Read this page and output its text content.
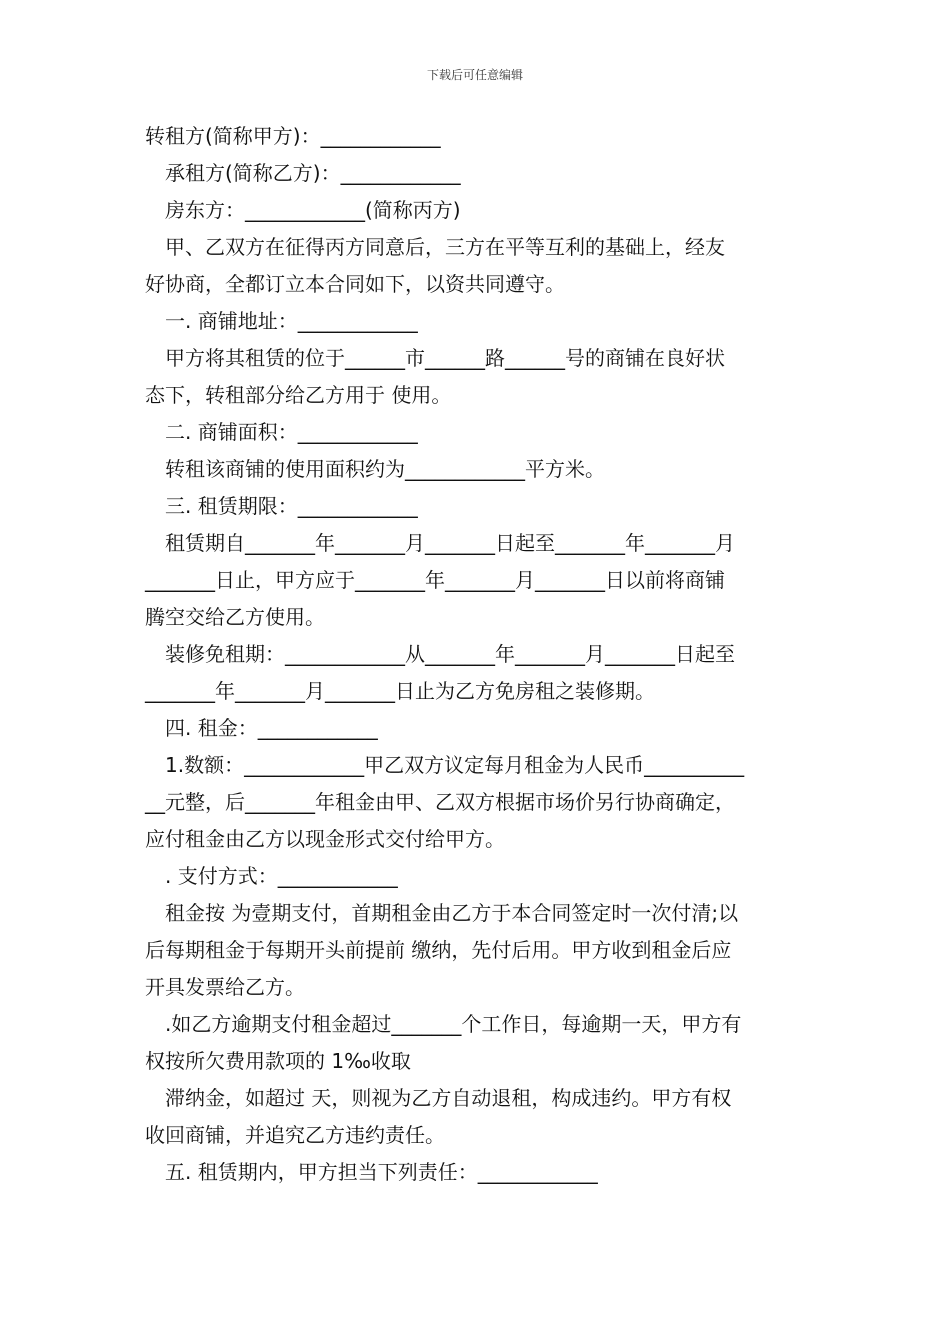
下载后可任意编辑

转租方(简称甲方)：____________

承租方(简称乙方)：____________

房东方：____________(简称丙方)

甲、乙双方在征得丙方同意后，三方在平等互利的基础上，经友

好协商，全都订立本合同如下，以资共同遵守。

一. 商铺地址：____________

甲方将其租赁的位于______市______路______号的商铺在良好状

态下，转租部分给乙方用于 使用。

二. 商铺面积：____________

转租该商铺的使用面积约为____________平方米。

三. 租赁期限：____________

租赁期自_______年_______月_______日起至_______年_______月

_______日止，甲方应于_______年_______月_______日以前将商铺

腾空交给乙方使用。

装修免租期：____________从_______年_______月_______日起至

_______年_______月_______日止为乙方免房租之装修期。

四. 租金：____________

1.数额：____________甲乙双方议定每月租金为人民币__________

__元整，后_______年租金由甲、乙双方根据市场价另行协商确定，

应付租金由乙方以现金形式交付给甲方。

. 支付方式：____________

租金按 为壹期支付，首期租金由乙方于本合同签定时一次付清;以

后每期租金于每期开头前提前 缴纳，先付后用。甲方收到租金后应

开具发票给乙方。

.如乙方逾期支付租金超过_______个工作日，每逾期一天，甲方有

权按所欠费用款项的 1‰收取

滞纳金，如超过 天，则视为乙方自动退租，构成违约。甲方有权

收回商铺，并追究乙方违约责任。

五. 租赁期内，甲方担当下列责任：____________
